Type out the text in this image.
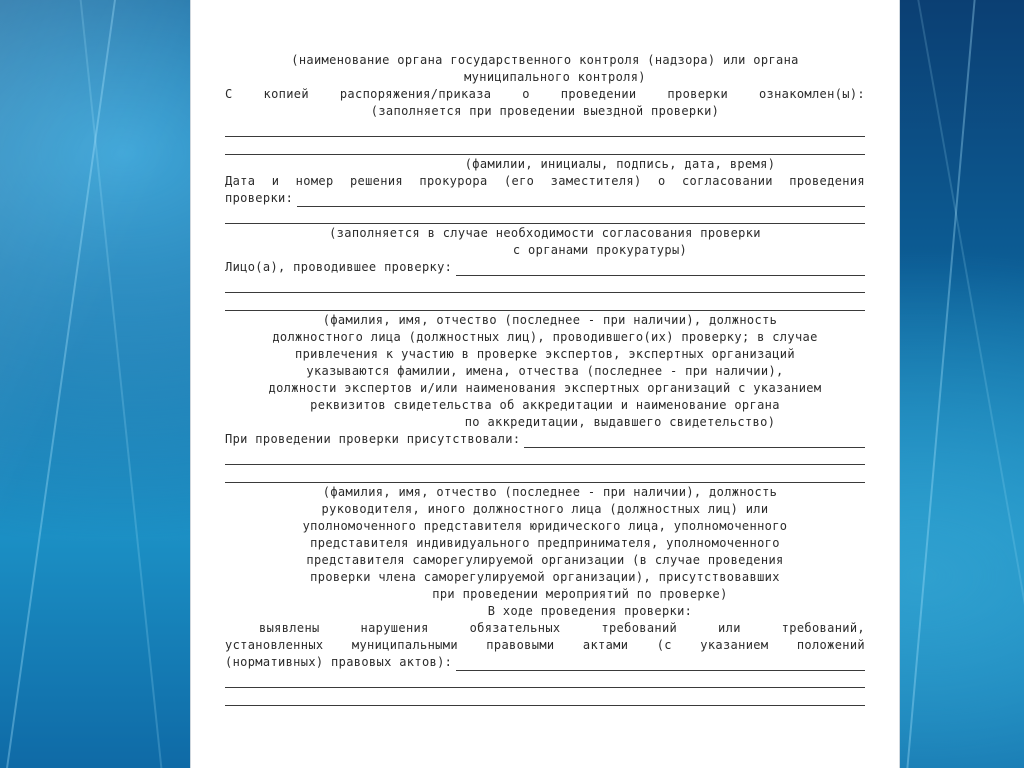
(наименование органа государственного контроля (надзора) или органа
муниципального контроля)
С копией распоряжения/приказа о проведении проверки ознакомлен(ы):
(заполняется при проведении выездной проверки)
(фамилии, инициалы, подпись, дата, время)
Дата и номер решения прокурора (его заместителя) о согласовании проведения
проверки:
(заполняется в случае необходимости согласования проверки
с органами прокуратуры)
Лицо(а), проводившее проверку:
(фамилия, имя, отчество (последнее - при наличии), должность
должностного лица (должностных лиц), проводившего(их) проверку; в случае
привлечения к участию в проверке экспертов, экспертных организаций
указываются фамилии, имена, отчества (последнее - при наличии),
должности экспертов и/или наименования экспертных организаций с указанием
реквизитов свидетельства об аккредитации и наименование органа
по аккредитации, выдавшего свидетельство)
При проведении проверки присутствовали:
(фамилия, имя, отчество (последнее - при наличии), должность
руководителя, иного должностного лица (должностных лиц) или
уполномоченного представителя юридического лица, уполномоченного
представителя индивидуального предпринимателя, уполномоченного
представителя саморегулируемой организации (в случае проведения
проверки члена саморегулируемой организации), присутствовавших
при проведении мероприятий по проверке)
В ходе проведения проверки:
выявлены нарушения обязательных требований или требований,
установленных муниципальными правовыми актами (с указанием положений
(нормативных) правовых актов):
